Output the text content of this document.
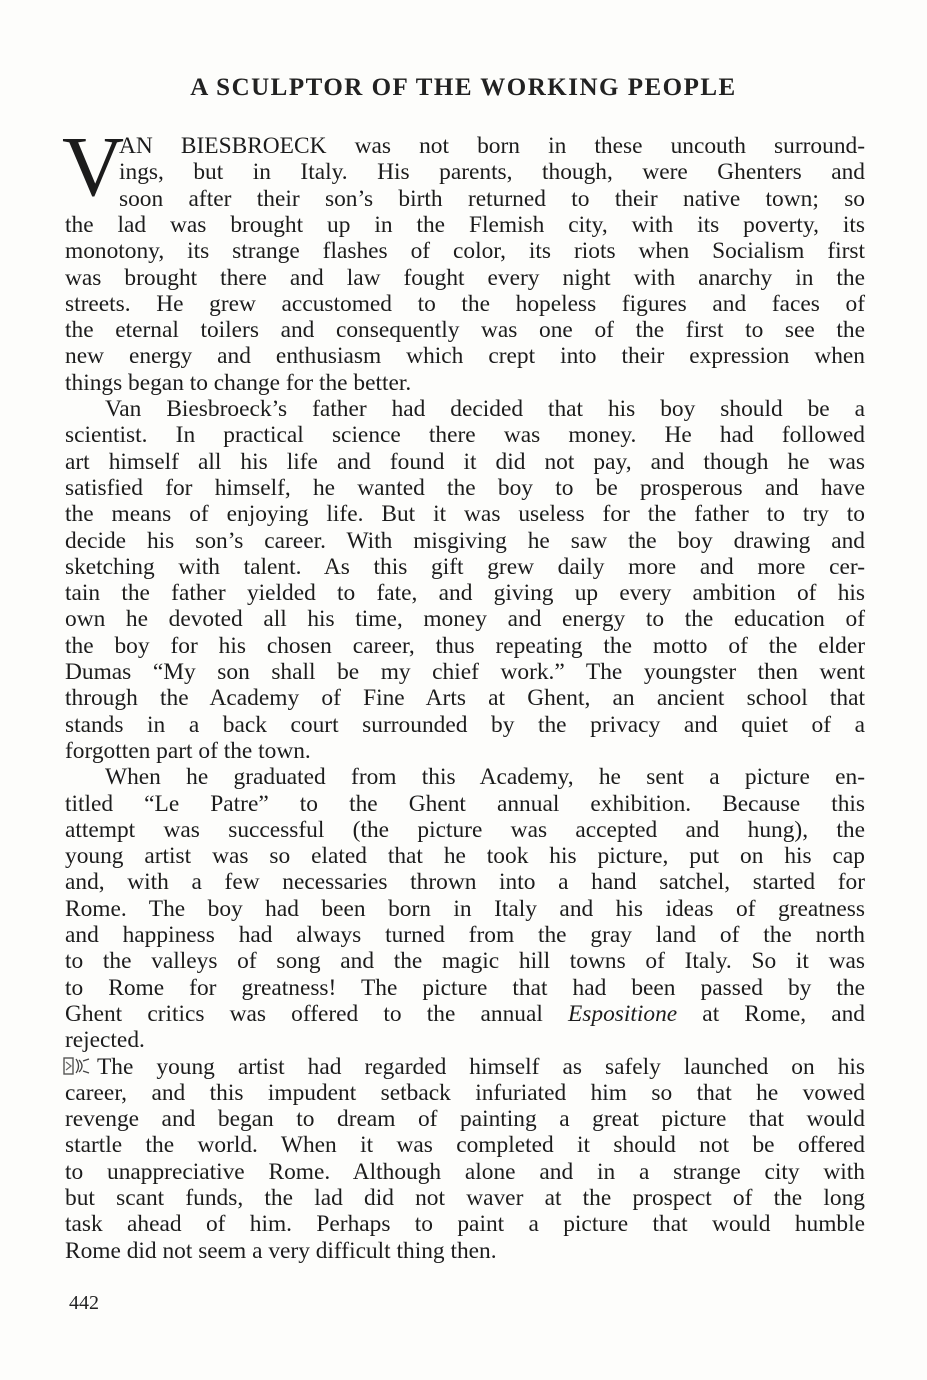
A SCULPTOR OF THE WORKING PEOPLE
V
AN BIESBROECK was not born in these uncouth surround-
ings, but in Italy. His parents, though, were Ghenters and
soon after their son’s birth returned to their native town; so
the lad was brought up in the Flemish city, with its poverty, its
monotony, its strange flashes of color, its riots when Socialism first
was brought there and law fought every night with anarchy in the
streets. He grew accustomed to the hopeless figures and faces of
the eternal toilers and consequently was one of the first to see the
new energy and enthusiasm which crept into their expression when
things began to change for the better.
Van Biesbroeck’s father had decided that his boy should be a
scientist. In practical science there was money. He had followed
art himself all his life and found it did not pay, and though he was
satisfied for himself, he wanted the boy to be prosperous and have
the means of enjoying life. But it was useless for the father to try to
decide his son’s career. With misgiving he saw the boy drawing and
sketching with talent. As this gift grew daily more and more cer-
tain the father yielded to fate, and giving up every ambition of his
own he devoted all his time, money and energy to the education of
the boy for his chosen career, thus repeating the motto of the elder
Dumas “My son shall be my chief work.” The youngster then went
through the Academy of Fine Arts at Ghent, an ancient school that
stands in a back court surrounded by the privacy and quiet of a
forgotten part of the town.
When he graduated from this Academy, he sent a picture en-
titled “Le Patre” to the Ghent annual exhibition. Because this
attempt was successful (the picture was accepted and hung), the
young artist was so elated that he took his picture, put on his cap
and, with a few necessaries thrown into a hand satchel, started for
Rome. The boy had been born in Italy and his ideas of greatness
and happiness had always turned from the gray land of the north
to the valleys of song and the magic hill towns of Italy. So it was
to Rome for greatness! The picture that had been passed by the
Ghent critics was offered to the annual Espositione at Rome, and
rejected.
The young artist had regarded himself as safely launched on his
career, and this impudent setback infuriated him so that he vowed
revenge and began to dream of painting a great picture that would
startle the world. When it was completed it should not be offered
to unappreciative Rome. Although alone and in a strange city with
but scant funds, the lad did not waver at the prospect of the long
task ahead of him. Perhaps to paint a picture that would humble
Rome did not seem a very difficult thing then.
442
